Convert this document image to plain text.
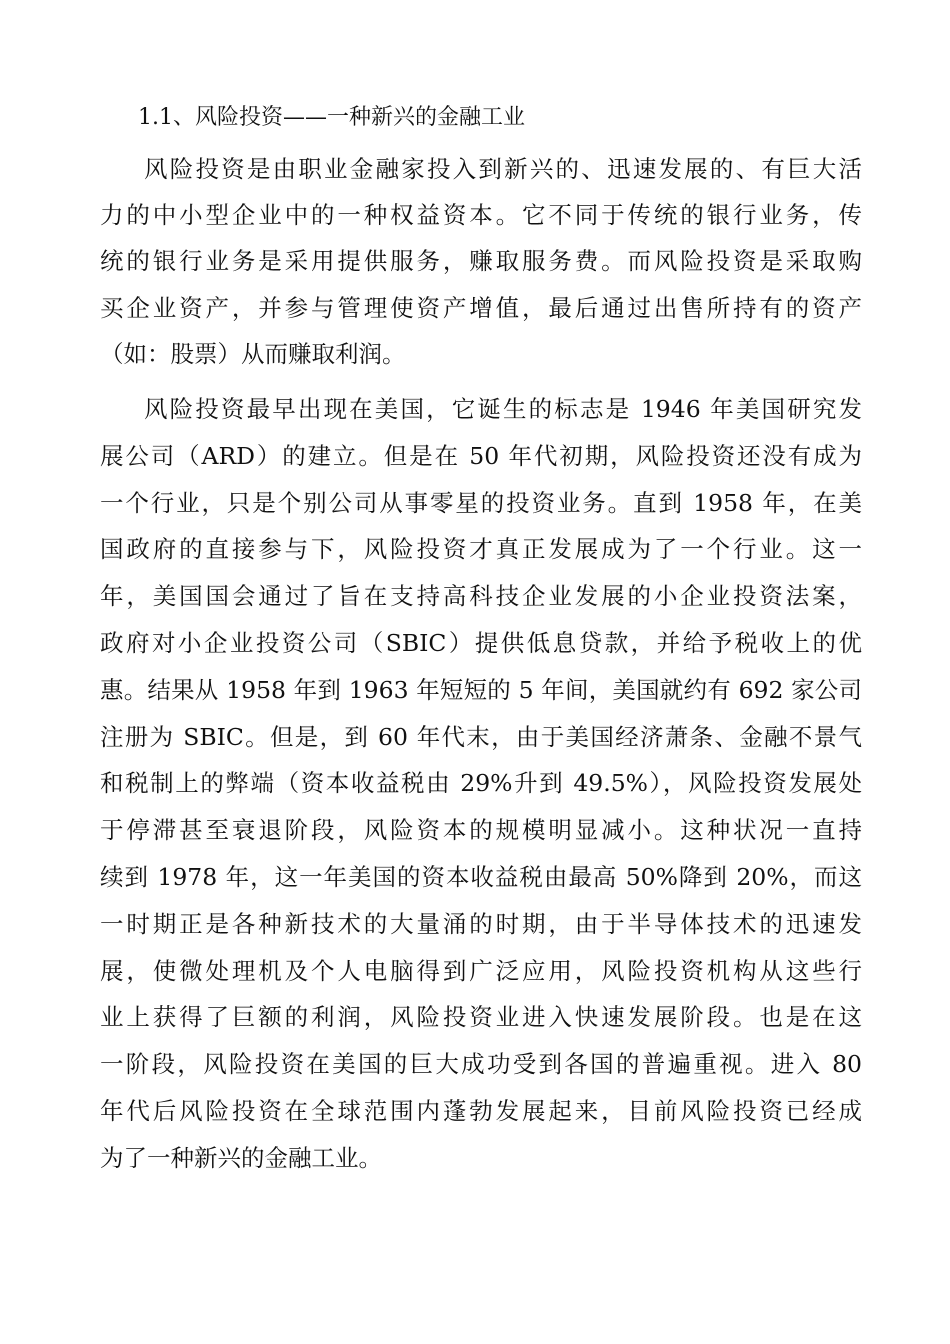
1.1、风险投资——一种新兴的金融工业
风险投资是由职业金融家投入到新兴的、迅速发展的、有巨大活
力的中小型企业中的一种权益资本。它不同于传统的银行业务，传
统的银行业务是采用提供服务，赚取服务费。而风险投资是采取购
买企业资产，并参与管理使资产增值，最后通过出售所持有的资产
（如：股票）从而赚取利润。
风险投资最早出现在美国，它诞生的标志是 1946 年美国研究发
展公司（ARD）的建立。但是在 50 年代初期，风险投资还没有成为
一个行业，只是个别公司从事零星的投资业务。直到 1958 年，在美
国政府的直接参与下，风险投资才真正发展成为了一个行业。这一
年，美国国会通过了旨在支持高科技企业发展的小企业投资法案，
政府对小企业投资公司（SBIC）提供低息贷款，并给予税收上的优
惠。结果从 1958 年到 1963 年短短的 5 年间，美国就约有 692 家公司
注册为 SBIC。但是，到 60 年代末，由于美国经济萧条、金融不景气
和税制上的弊端（资本收益税由 29%升到 49.5%），风险投资发展处
于停滞甚至衰退阶段，风险资本的规模明显减小。这种状况一直持
续到 1978 年，这一年美国的资本收益税由最高 50%降到 20%，而这
一时期正是各种新技术的大量涌的时期，由于半导体技术的迅速发
展，使微处理机及个人电脑得到广泛应用，风险投资机构从这些行
业上获得了巨额的利润，风险投资业进入快速发展阶段。也是在这
一阶段，风险投资在美国的巨大成功受到各国的普遍重视。进入 80
年代后风险投资在全球范围内蓬勃发展起来，目前风险投资已经成
为了一种新兴的金融工业。
